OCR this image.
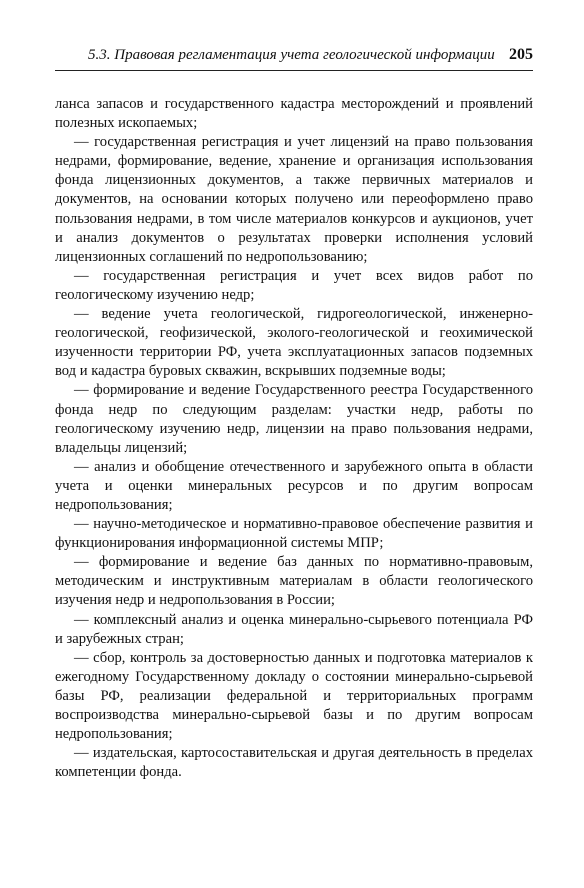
5.3. Правовая регламентация учета геологической информации 205

ланса запасов и государственного кадастра месторождений и проявлений полезных ископаемых;

— государственная регистрация и учет лицензий на право пользования недрами, формирование, ведение, хранение и организация использования фонда лицензионных документов, а также первичных материалов и документов, на основании которых получено или переоформлено право пользования недрами, в том числе материалов конкурсов и аукционов, учет и анализ документов о результатах проверки исполнения условий лицензионных соглашений по недропользованию;

— государственная регистрация и учет всех видов работ по геологическому изучению недр;

— ведение учета геологической, гидрогеологической, инженерно-геологической, геофизической, эколого-геологической и геохимической изученности территории РФ, учета эксплуатационных запасов подземных вод и кадастра буровых скважин, вскрывших подземные воды;

— формирование и ведение Государственного реестра Государственного фонда недр по следующим разделам: участки недр, работы по геологическому изучению недр, лицензии на право пользования недрами, владельцы лицензий;

— анализ и обобщение отечественного и зарубежного опыта в области учета и оценки минеральных ресурсов и по другим вопросам недропользования;

— научно-методическое и нормативно-правовое обеспечение развития и функционирования информационной системы МПР;

— формирование и ведение баз данных по нормативно-правовым, методическим и инструктивным материалам в области геологического изучения недр и недропользования в России;

— комплексный анализ и оценка минерально-сырьевого потенциала РФ и зарубежных стран;

— сбор, контроль за достоверностью данных и подготовка материалов к ежегодному Государственному докладу о состоянии минерально-сырьевой базы РФ, реализации федеральной и территориальных программ воспроизводства минерально-сырьевой базы и по другим вопросам недропользования;

— издательская, картосоставительская и другая деятельность в пределах компетенции фонда.
